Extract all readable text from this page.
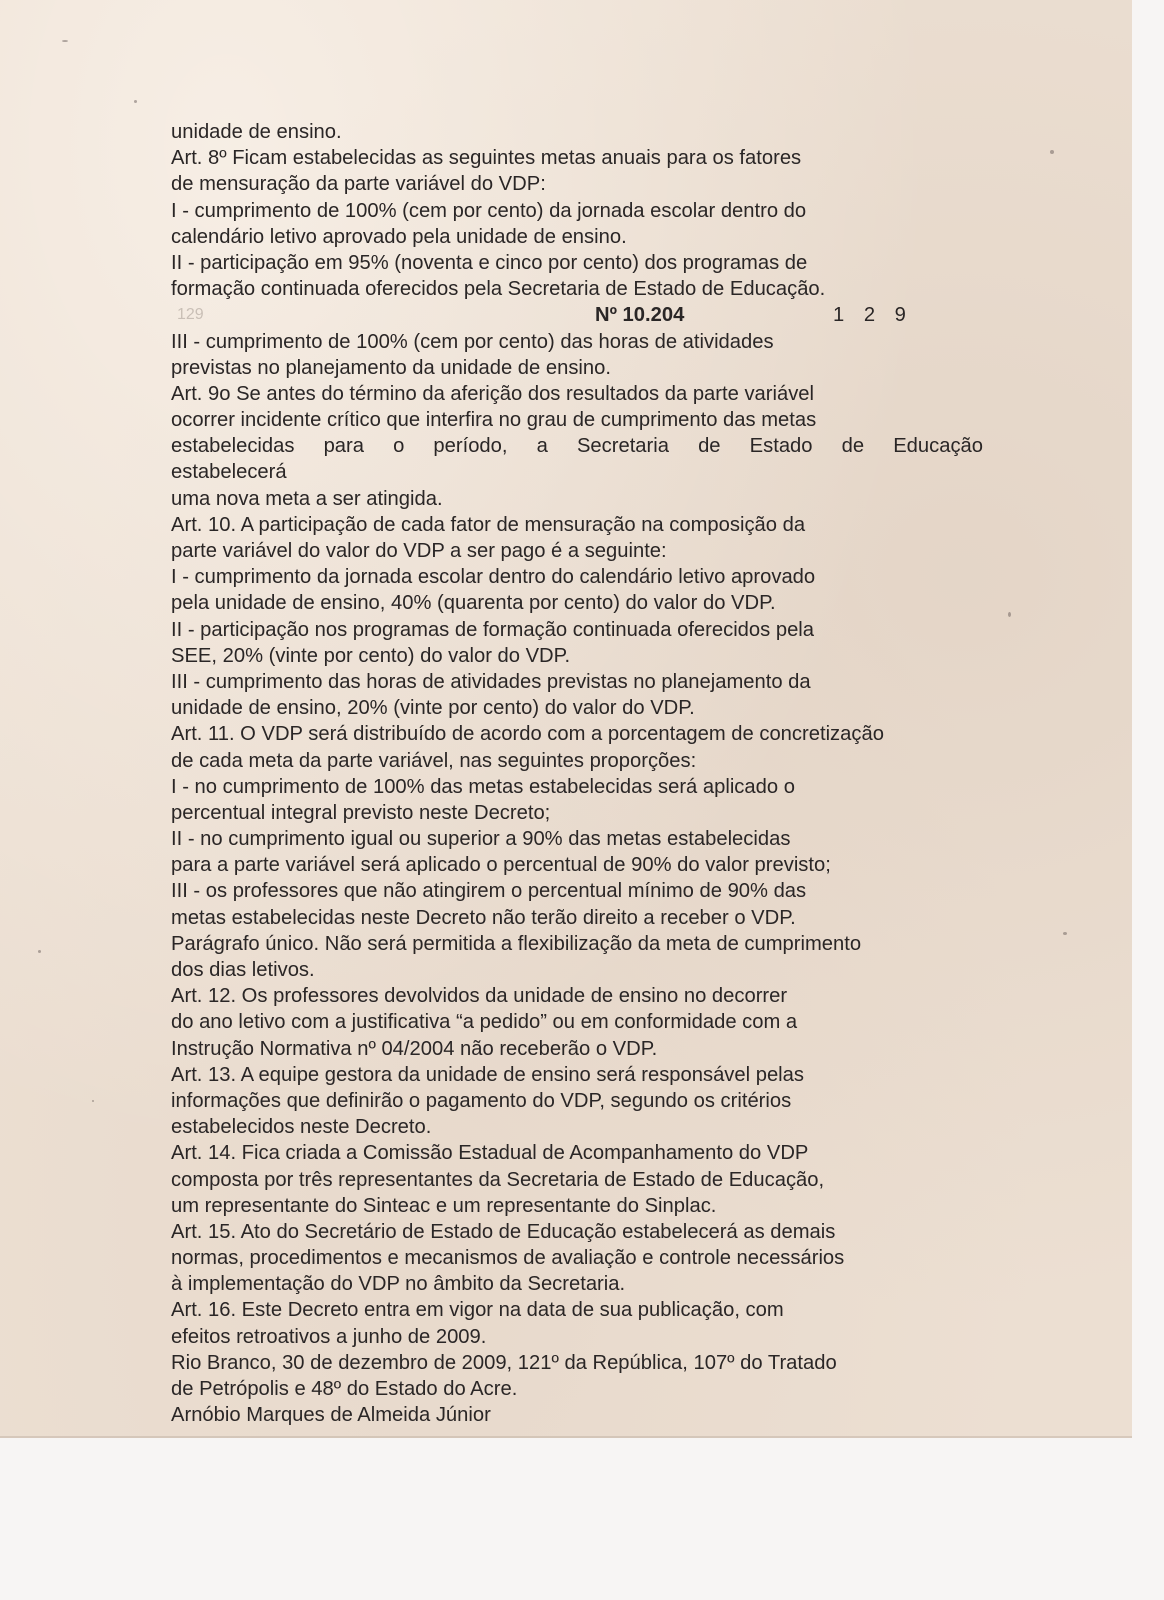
unidade de ensino.
Art. 8º Ficam estabelecidas as seguintes metas anuais para os fatores
de mensuração da parte variável do VDP:
I - cumprimento de 100% (cem por cento) da jornada escolar dentro do
calendário letivo aprovado pela unidade de ensino.
II - participação em 95% (noventa e cinco por cento) dos programas de
formação continuada oferecidos pela Secretaria de Estado de Educação.
129	Nº 10.204	1 2 9
III - cumprimento de 100% (cem por cento) das horas de atividades
previstas no planejamento da unidade de ensino.
Art. 9o Se antes do término da aferição dos resultados da parte variável
ocorrer incidente crítico que interfira no grau de cumprimento das metas
estabelecidas para o período, a Secretaria de Estado de Educação
estabelecerá
uma nova meta a ser atingida.
Art. 10. A participação de cada fator de mensuração na composição da
parte variável do valor do VDP a ser pago é a seguinte:
I - cumprimento da jornada escolar dentro do calendário letivo aprovado
pela unidade de ensino, 40% (quarenta por cento) do valor do VDP.
II - participação nos programas de formação continuada oferecidos pela
SEE, 20% (vinte por cento) do valor do VDP.
III - cumprimento das horas de atividades previstas no planejamento da
unidade de ensino, 20% (vinte por cento) do valor do VDP.
Art. 11. O VDP será distribuído de acordo com a porcentagem de concretização
de cada meta da parte variável, nas seguintes proporções:
I - no cumprimento de 100% das metas estabelecidas será aplicado o
percentual integral previsto neste Decreto;
II - no cumprimento igual ou superior a 90% das metas estabelecidas
para a parte variável será aplicado o percentual de 90% do valor previsto;
III - os professores que não atingirem o percentual mínimo de 90% das
metas estabelecidas neste Decreto não terão direito a receber o VDP.
Parágrafo único. Não será permitida a flexibilização da meta de cumprimento
dos dias letivos.
Art. 12. Os professores devolvidos da unidade de ensino no decorrer
do ano letivo com a justificativa “a pedido” ou em conformidade com a
Instrução Normativa nº 04/2004 não receberão o VDP.
Art. 13. A equipe gestora da unidade de ensino será responsável pelas
informações que definirão o pagamento do VDP, segundo os critérios
estabelecidos neste Decreto.
Art. 14. Fica criada a Comissão Estadual de Acompanhamento do VDP
composta por três representantes da Secretaria de Estado de Educação,
um representante do Sinteac e um representante do Sinplac.
Art. 15. Ato do Secretário de Estado de Educação estabelecerá as demais
normas, procedimentos e mecanismos de avaliação e controle necessários
à implementação do VDP no âmbito da Secretaria.
Art. 16. Este Decreto entra em vigor na data de sua publicação, com
efeitos retroativos a junho de 2009.
Rio Branco, 30 de dezembro de 2009, 121º da República, 107º do Tratado
de Petrópolis e 48º do Estado do Acre.
Arnóbio Marques de Almeida Júnior
